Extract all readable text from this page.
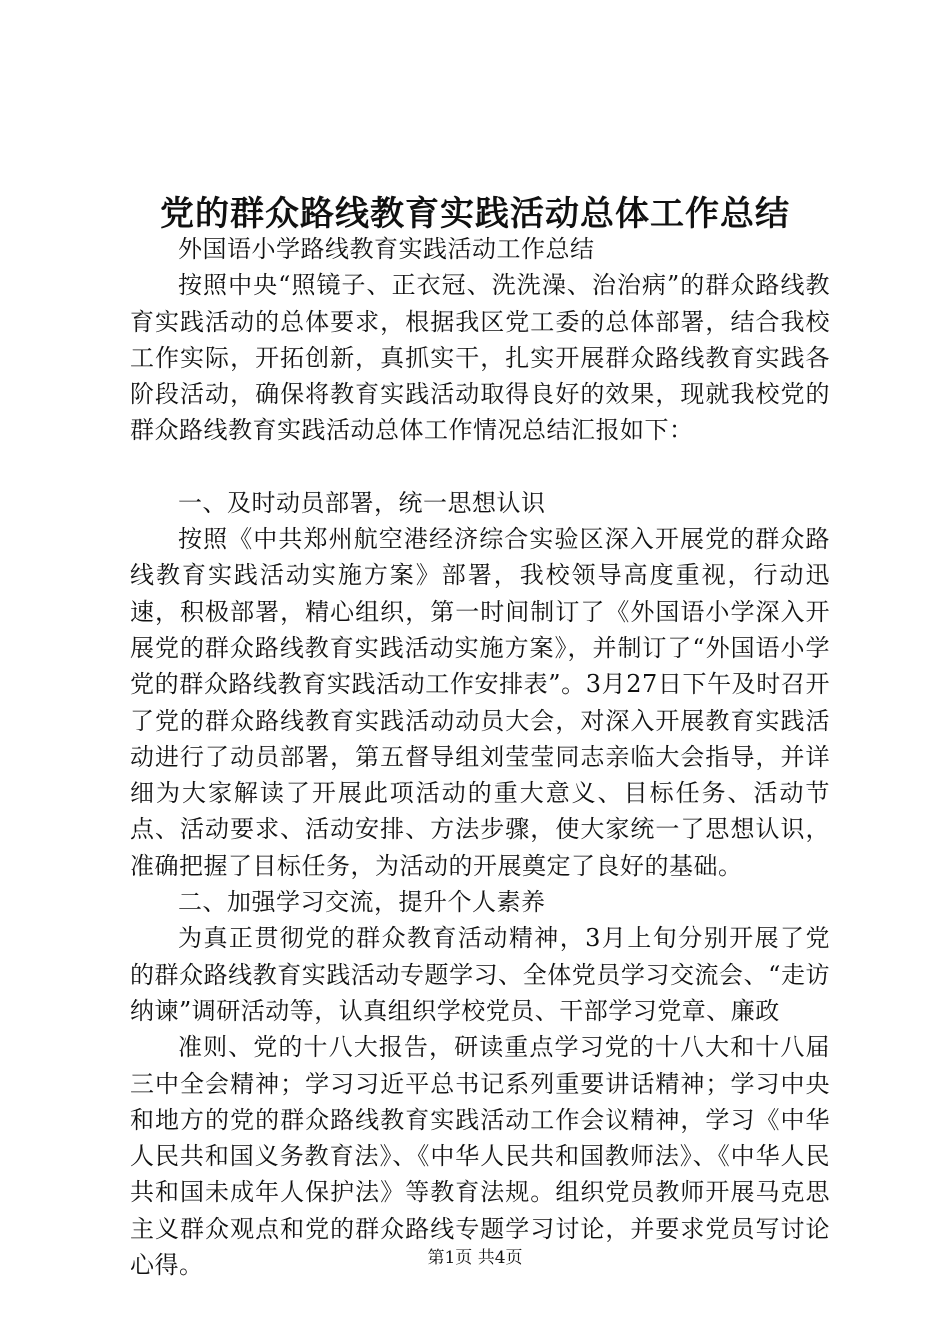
党的群众路线教育实践活动总体工作总结

外国语小学路线教育实践活动工作总结

按照中央“照镜子、正衣冠、洗洗澡、治治病”的群众路线教育实践活动的总体要求，根据我区党工委的总体部署，结合我校工作实际，开拓创新，真抓实干，扎实开展群众路线教育实践各阶段活动，确保将教育实践活动取得良好的效果，现就我校党的群众路线教育实践活动总体工作情况总结汇报如下：

一、及时动员部署，统一思想认识

按照《中共郑州航空港经济综合实验区深入开展党的群众路线教育实践活动实施方案》部署，我校领导高度重视，行动迅速，积极部署，精心组织，第一时间制订了《外国语小学深入开展党的群众路线教育实践活动实施方案》，并制订了“外国语小学党的群众路线教育实践活动工作安排表”。3月27日下午及时召开了党的群众路线教育实践活动动员大会，对深入开展教育实践活动进行了动员部署，第五督导组刘莹莹同志亲临大会指导，并详细为大家解读了开展此项活动的重大意义、目标任务、活动节点、活动要求、活动安排、方法步骤，使大家统一了思想认识，准确把握了目标任务，为活动的开展奠定了良好的基础。

二、加强学习交流，提升个人素养

为真正贯彻党的群众教育活动精神，3月上旬分别开展了党的群众路线教育实践活动专题学习、全体党员学习交流会、“走访纳谏”调研活动等，认真组织学校党员、干部学习党章、廉政

准则、党的十八大报告，研读重点学习党的十八大和十八届三中全会精神；学习习近平总书记系列重要讲话精神；学习中央和地方的党的群众路线教育实践活动工作会议精神，学习《中华人民共和国义务教育法》、《中华人民共和国教师法》、《中华人民共和国未成年人保护法》等教育法规。组织党员教师开展马克思主义群众观点和党的群众路线专题学习讨论，并要求党员写讨论心得。	第1页 共4页
